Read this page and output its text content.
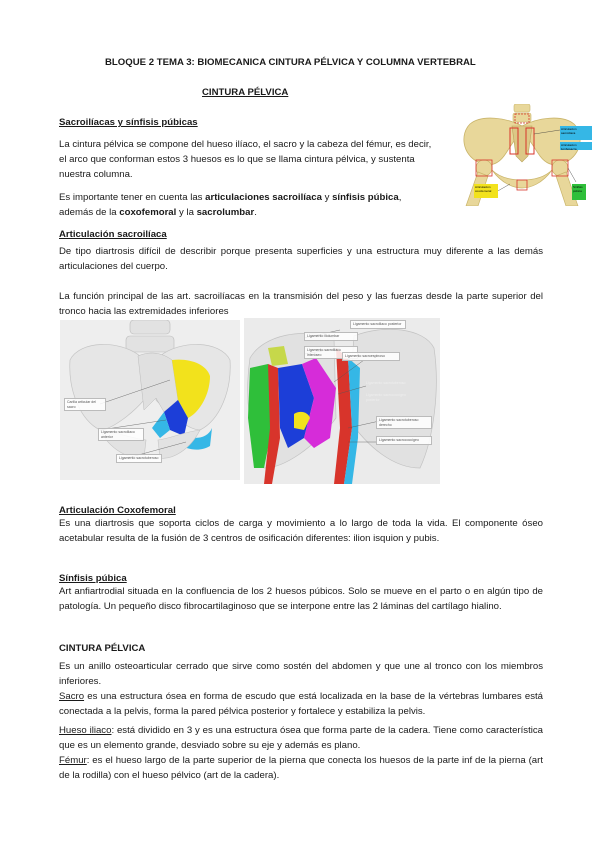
BLOQUE 2 TEMA 3: BIOMECANICA CINTURA PÉLVICA Y COLUMNA VERTEBRAL
CINTURA PÉLVICA
Sacroilíacas y sínfisis púbicas

La cintura pélvica se compone del hueso ilíaco, el sacro y la cabeza del fémur, es decir, el arco que conforman estos 3 huesos es lo que se llama cintura pélvica, y sustenta nuestra columna.

Es importante tener en cuenta las articulaciones sacroilíaca y sínfisis púbica, además de la coxofemoral y la sacrolumbar.

Articulación sacroilíaca
Articulación lumbosacra
Articulación coxofemoral
Sínfisis púbica
Articulación sacroilíaca

De tipo diartrosis difícil de describir porque presenta superficies y una estructura muy diferente a las demás articulaciones del cuerpo.

La función principal de las art. sacroilíacas en la transmisión del peso y las fuerzas desde la parte superior del tronco hacia las extremidades inferiores

Carilla articular del sacro
Ligamento sacroiliaco anterior
Ligamento sacrotuberoso
Ligamento iliolumbar
Ligamento sacroiliaco interóseo
Ligamento sacroiliaco posterior
Ligamento sacroespinoso
Ligamento sacrotuberoso
Ligamento sacrococcígeo posterior
Ligamento sacrotuberoso derecho
Ligamento sacrococcígeo
Articulación Coxofemoral

Es una diartrosis que soporta ciclos de carga y movimiento a lo largo de toda la vida. El componente óseo acetabular resulta de la fusión de 3 centros de osificación diferentes: ilion isquion y pubis.

Sínfisis púbica

Art anfiartrodial situada en la confluencia de los 2 huesos púbicos. Solo se mueve en el parto o en algún tipo de patología. Un pequeño disco fibrocartilaginoso que se interpone entre las 2 láminas del cartílago hialino.

CINTURA PÉLVICA

Es un anillo osteoarticular cerrado que sirve como sostén del abdomen y que une al tronco con los miembros inferiores.

Sacro es una estructura ósea en forma de escudo que está localizada en la base de la vértebras lumbares está conectada a la pelvis, forma la pared pélvica posterior y fortalece y estabiliza la pelvis.

Hueso iliaco: está dividido en 3 y es una estructura ósea que forma parte de la cadera. Tiene como característica que es un elemento grande, desviado sobre su eje y además es plano.

Fémur: es el hueso largo de la parte superior de la pierna que conecta los huesos de la parte inf de la pierna (art de la rodilla) con el hueso pélvico (art de la cadera).
